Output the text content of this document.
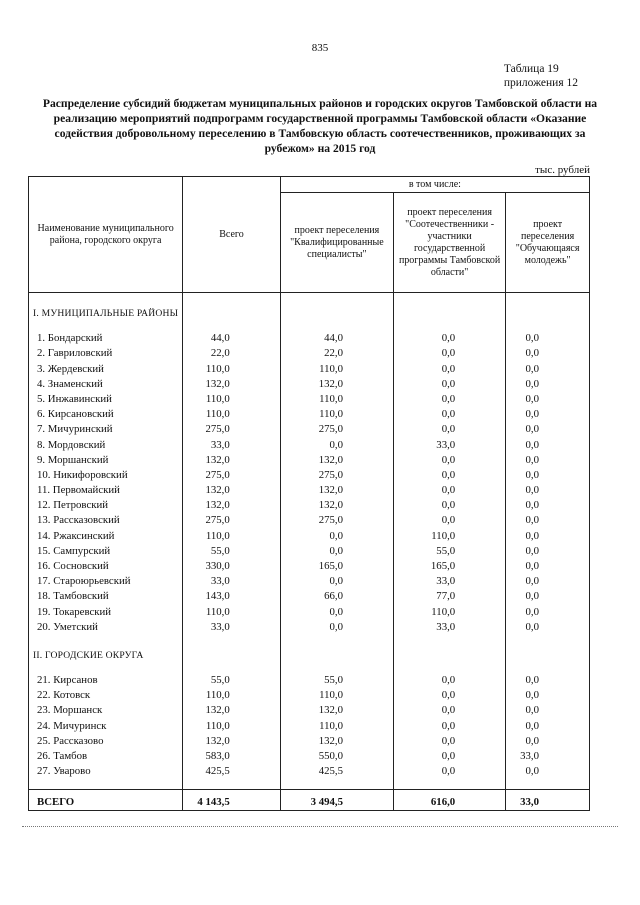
835
Таблица 19
приложения 12
Распределение субсидий бюджетам муниципальных районов и городских округов Тамбовской области на реализацию мероприятий подпрограмм государственной программы Тамбовской области «Оказание содействия добровольному переселению в Тамбовскую область соотечественников, проживающих за рубежом» на 2015 год
тыс. рублей
Наименование муниципального района, городского округа	Всего	в том числе:		
		проект переселения "Квалифицированные специалисты"	проект переселения "Соотечественники - участники государственной программы Тамбовской области"	проект переселения "Обучающаяся молодежь"

I. МУНИЦИПАЛЬНЫЕ РАЙОНЫ				

1. Бондарский	44,0	44,0	0,0	0,0
2. Гавриловский	22,0	22,0	0,0	0,0
3. Жердевский	110,0	110,0	0,0	0,0
4. Знаменский	132,0	132,0	0,0	0,0
5. Инжавинский	110,0	110,0	0,0	0,0
6. Кирсановский	110,0	110,0	0,0	0,0
7. Мичуринский	275,0	275,0	0,0	0,0
8. Мордовский	33,0	0,0	33,0	0,0
9. Моршанский	132,0	132,0	0,0	0,0
10. Никифоровский	275,0	275,0	0,0	0,0
11. Первомайский	132,0	132,0	0,0	0,0
12. Петровский	132,0	132,0	0,0	0,0
13. Рассказовский	275,0	275,0	0,0	0,0
14. Ржаксинский	110,0	0,0	110,0	0,0
15. Сампурский	55,0	0,0	55,0	0,0
16. Сосновский	330,0	165,0	165,0	0,0
17. Староюрьевский	33,0	0,0	33,0	0,0
18. Тамбовский	143,0	66,0	77,0	0,0
19. Токаревский	110,0	0,0	110,0	0,0
20. Уметский	33,0	0,0	33,0	0,0

II. ГОРОДСКИЕ ОКРУГА				

21. Кирсанов	55,0	55,0	0,0	0,0
22. Котовск	110,0	110,0	0,0	0,0
23. Моршанск	132,0	132,0	0,0	0,0
24. Мичуринск	110,0	110,0	0,0	0,0
25. Рассказово	132,0	132,0	0,0	0,0
26. Тамбов	583,0	550,0	0,0	33,0
27. Уварово	425,5	425,5	0,0	0,0

ВСЕГО	4 143,5	3 494,5	616,0	33,0
